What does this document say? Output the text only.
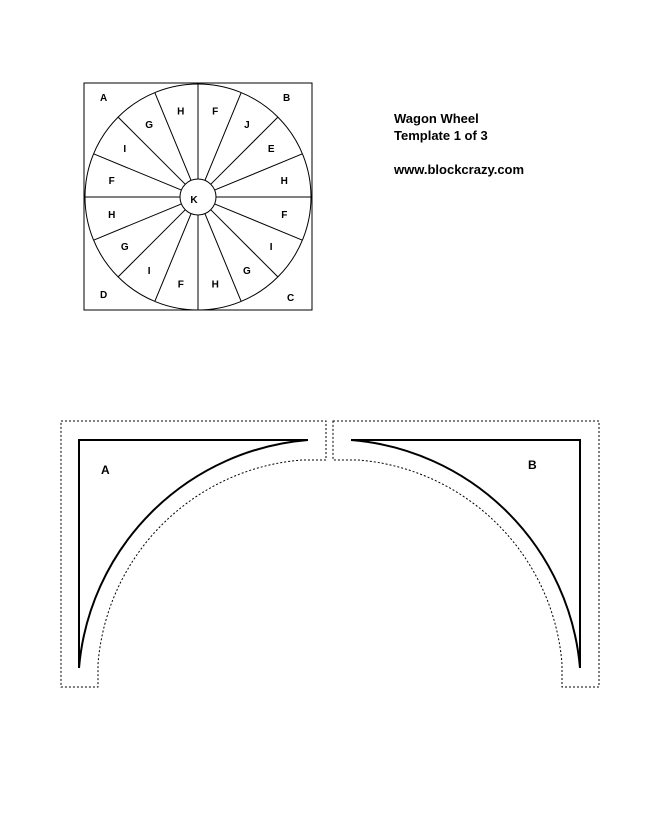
Wagon Wheel
Template 1 of 3
www.blockcrazy.com
F
J
E
H
F
I
G
H
F
I
G
H
F
I
G
H
A	B
C
D
K
A	B
